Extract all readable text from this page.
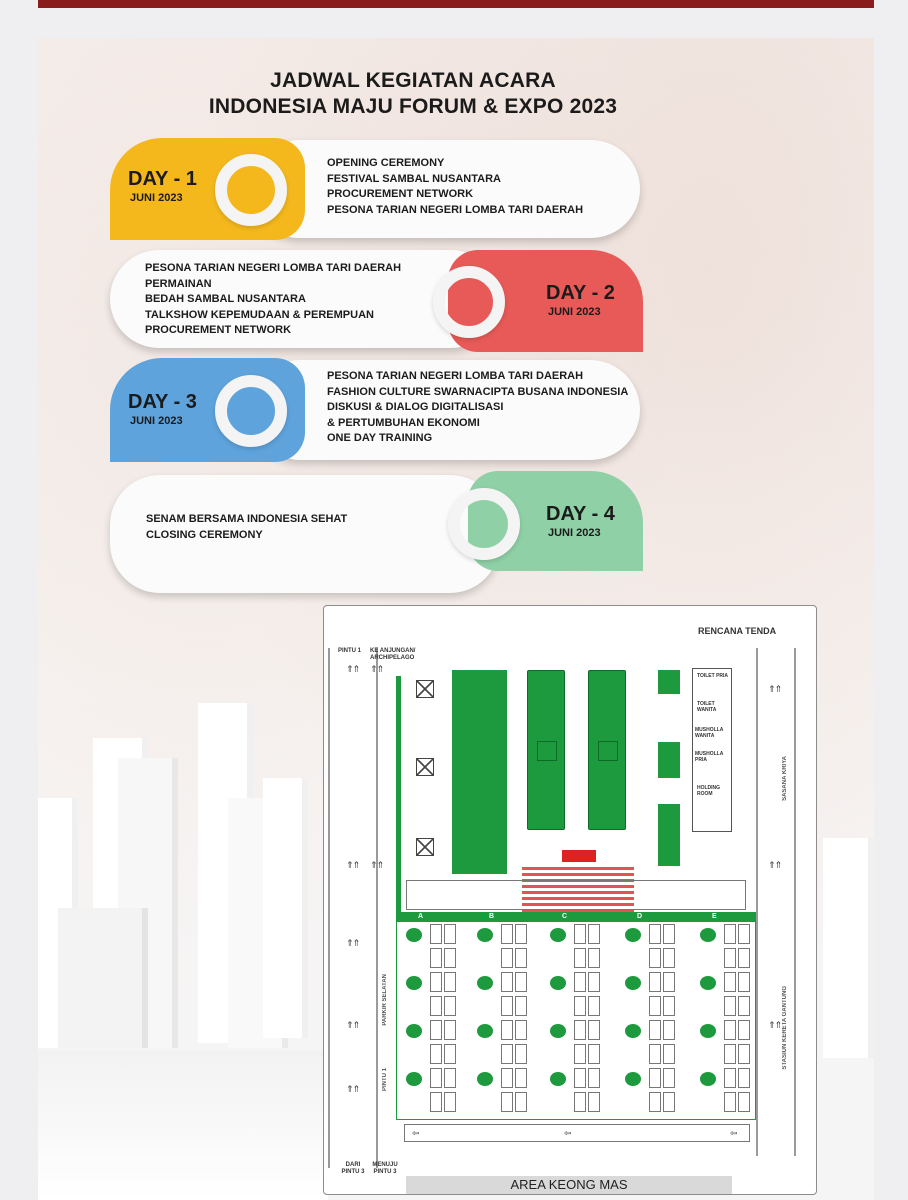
JADWAL KEGIATAN ACARA
INDONESIA MAJU FORUM & EXPO 2023
DAY - 1
JUNI 2023
OPENING CEREMONY
FESTIVAL SAMBAL NUSANTARA
PROCUREMENT NETWORK
PESONA TARIAN NEGERI LOMBA TARI DAERAH
DAY - 2
JUNI 2023
PESONA TARIAN NEGERI LOMBA TARI DAERAH
PERMAINAN
BEDAH SAMBAL NUSANTARA
TALKSHOW KEPEMUDAAN & PEREMPUAN
PROCUREMENT NETWORK
DAY - 3
JUNI 2023
PESONA TARIAN NEGERI LOMBA TARI DAERAH
FASHION CULTURE SWARNACIPTA BUSANA INDONESIA
DISKUSI & DIALOG DIGITALISASI
& PERTUMBUHAN EKONOMI
ONE DAY TRAINING
DAY - 4
JUNI 2023
SENAM BERSAMA INDONESIA SEHAT
CLOSING CEREMONY
RENCANA TENDA
PINTU 1 KE ANJUNGAN/ ARCHIPELAGO
⇑⇑ ⇑⇑
⇑⇑ ⇑⇑
⇑⇑
⇑⇑
⇑⇑
⇑⇑
⇑⇑
⇑⇑
TOILET PRIA
TOILET WANITA
MUSHOLLA WANITA
MUSHOLLA PRIA
HOLDING ROOM	SASANA KRIYA
STASIUN KERETA GANTUNG
PARKIR SELATAN
PINTU 1
A	B	C	D	E
⇦	⇦	⇦
DARI PINTU 3
MENUJU PINTU 3
AREA KEONG MAS
